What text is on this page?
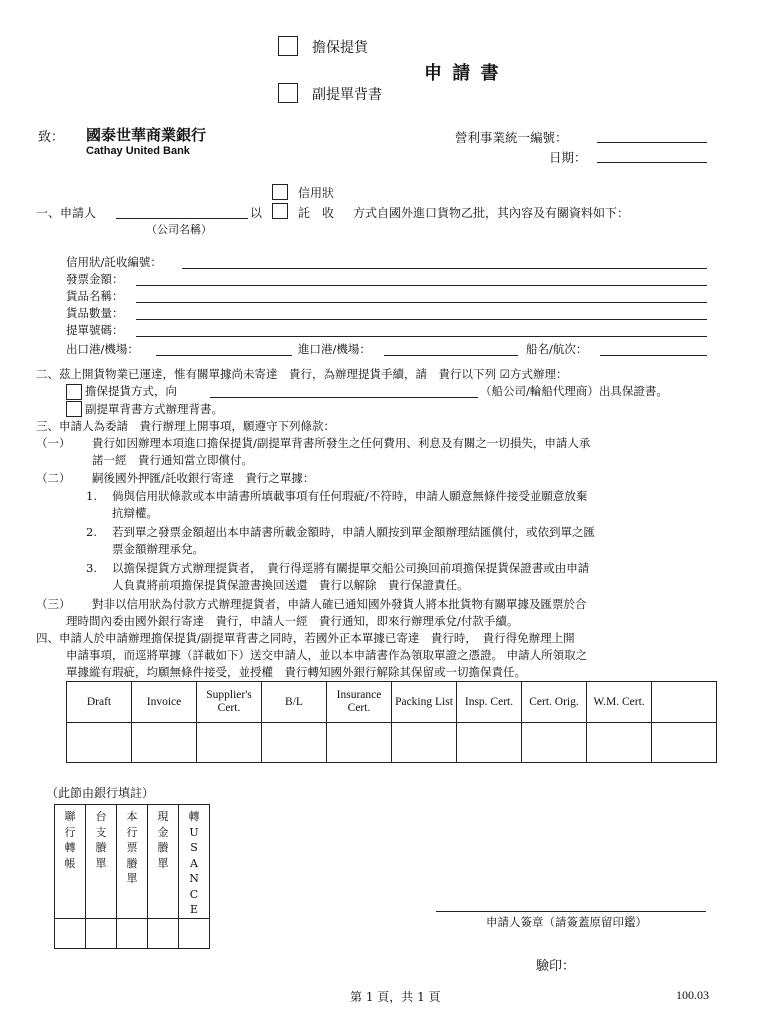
擔保提貨
申 請 書
副提單背書
致： 國泰世華商業銀行
Cathay United Bank
營利事業統一編號：
日期：
信用狀
一、申請人	以	託　收 方式自國外進口貨物乙批，其內容及有關資料如下：
（公司名稱）
信用狀/託收編號：
發票金額：
貨品名稱：
貨品數量：
提單號碼：
出口港/機場：	進口港/機場：	船名/航次：
二、茲上開貨物業已運達，惟有關單據尚未寄達　貴行，為辦理提貨手續，請　貴行以下列 ☑方式辦理：
擔保提貨方式，向	（船公司/輪船代理商）出具保證書。
副提單背書方式辦理背書。
三、申請人為委請　貴行辦理上開事項，願遵守下列條款：
（一） 貴行如因辦理本項進口擔保提貨/副提單背書所發生之任何費用、利息及有關之一切損失，申請人承
諾一經　貴行通知當立即償付。
（二） 嗣後國外押匯/託收銀行寄達　貴行之單據：
1. 倘與信用狀條款或本申請書所填載事項有任何瑕疵/不符時，申請人願意無條件接受並願意放棄
抗辯權。
2. 若到單之發票金額超出本申請書所載金額時，申請人願按到單金額辦理結匯償付，或依到單之匯
票金額辦理承兌。
3. 以擔保提貨方式辦理提貨者，　貴行得逕將有關提單交船公司換回前項擔保提貨保證書或由申請
人負責將前項擔保提貨保證書換回送還　貴行以解除　貴行保證責任。
（三） 對非以信用狀為付款方式辦理提貨者，申請人確已通知國外發貨人將本批貨物有關單據及匯票於合
理時間內委由國外銀行寄達　貴行，申請人一經　貴行通知，即來行辦理承兌/付款手續。
四、申請人於申請辦理擔保提貨/副提單背書之同時，若國外正本單據已寄達　貴行時，　貴行得免辦理上開
申請事項，而逕將單據（詳載如下）送交申請人，並以本申請書作為領取單證之憑證。 申請人所領取之
單據縱有瑕疵，均願無條件接受，並授權　貴行轉知國外銀行解除其保留或一切擔保責任。
Draft	Invoice	Supplier's Cert.	B/L	Insurance Cert.	Packing List	Insp. Cert.	Cert. Orig.	W.M. Cert.	

（此節由銀行填註）
聯行轉帳	台支賸單	本行票賸單	現金賸單	轉USANCE

申請人簽章（請簽蓋原留印鑑）
驗印：
第 1 頁，共 1 頁	100.03
